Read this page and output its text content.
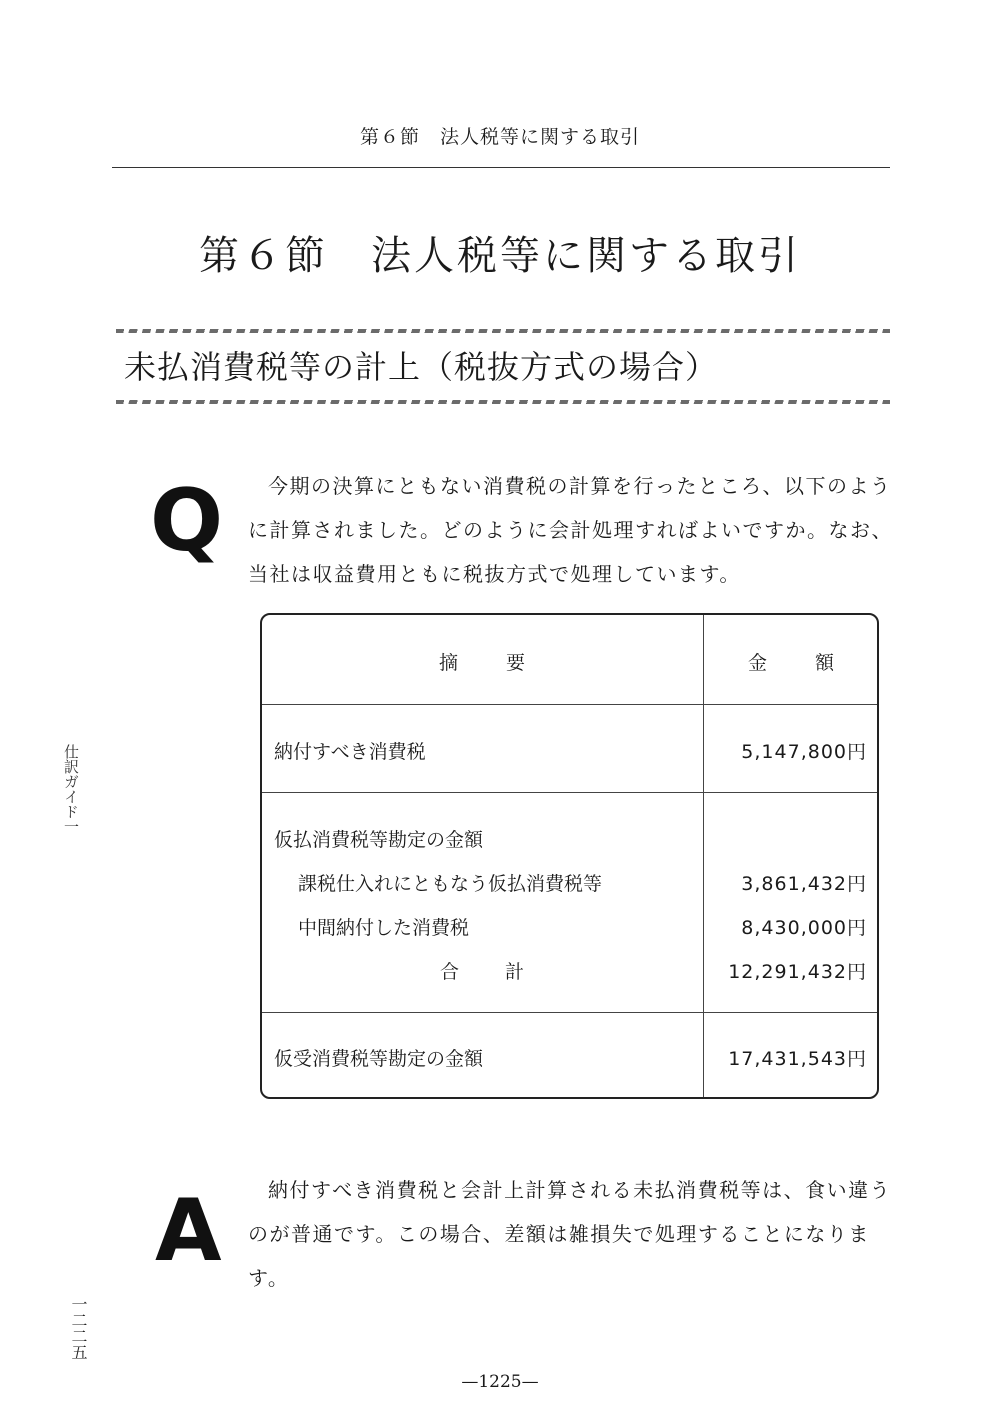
第６節　法人税等に関する取引
第６節　法人税等に関する取引
未払消費税等の計上（税抜方式の場合）
Q	今期の決算にともない消費税の計算を行ったところ、以下のように計算されました。どのように会計処理すればよいですか。なお、当社は収益費用ともに税抜方式で処理しています。
摘 要	金 額
納付すべき消費税	5,147,800円
仮払消費税等勘定の金額
課税仕入れにともなう仮払消費税等	3,861,432円
中間納付した消費税	8,430,000円
合 計	12,291,432円
仮受消費税等勘定の金額	17,431,543円
A	納付すべき消費税と会計上計算される未払消費税等は、食い違うのが普通です。この場合、差額は雑損失で処理することになります。
仕訳ガイド一
一二二五
—1225—
